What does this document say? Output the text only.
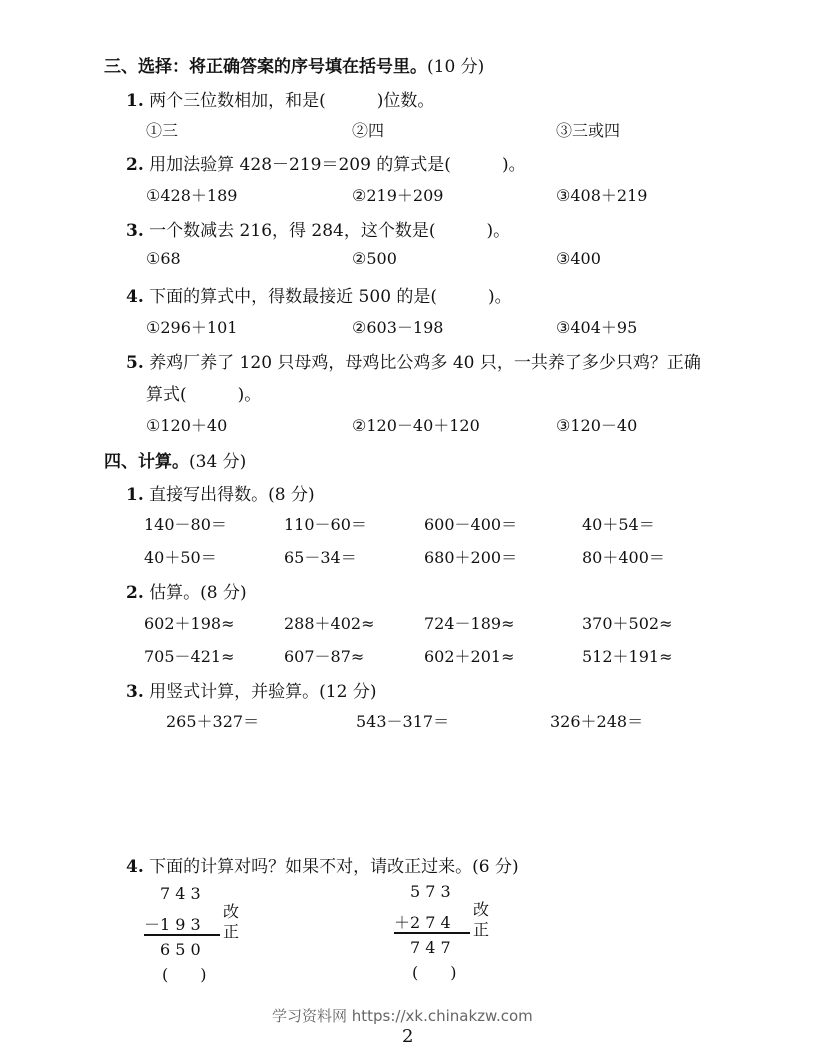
三、选择：将正确答案的序号填在括号里。(10 分)
1. 两个三位数相加，和是(　　　)位数。
①三	②四	③三或四
2. 用加法验算 428－219＝209 的算式是(　　　)。
①428＋189	②219＋209	③408＋219
3. 一个数减去 216，得 284，这个数是(　　　)。
①68	②500	③400
4. 下面的算式中，得数最接近 500 的是(　　　)。
①296＋101	②603－198	③404＋95
5. 养鸡厂养了 120 只母鸡，母鸡比公鸡多 40 只，一共养了多少只鸡？正确
算式(　　　)。
①120＋40	②120－40＋120	③120－40
四、计算。(34 分)
1. 直接写出得数。(8 分)
140－80＝	110－60＝	600－400＝	40＋54＝
40＋50＝	65－34＝	680＋200＝	80＋400＝
2. 估算。(8 分)
602＋198≈	288＋402≈	724－189≈	370＋502≈
705－421≈	607－87≈	602＋201≈	512＋191≈
3. 用竖式计算，并验算。(12 分)
265＋327＝	543－317＝	326＋248＝
4. 下面的计算对吗？如果不对，请改正过来。(6 分)
7 4 3
－1 9 3
6 5 0
(　　)
改
正
5 7 3
＋2 7 4
7 4 7
(　　)
改
正
学习资料网 https://xk.chinakzw.com
2
